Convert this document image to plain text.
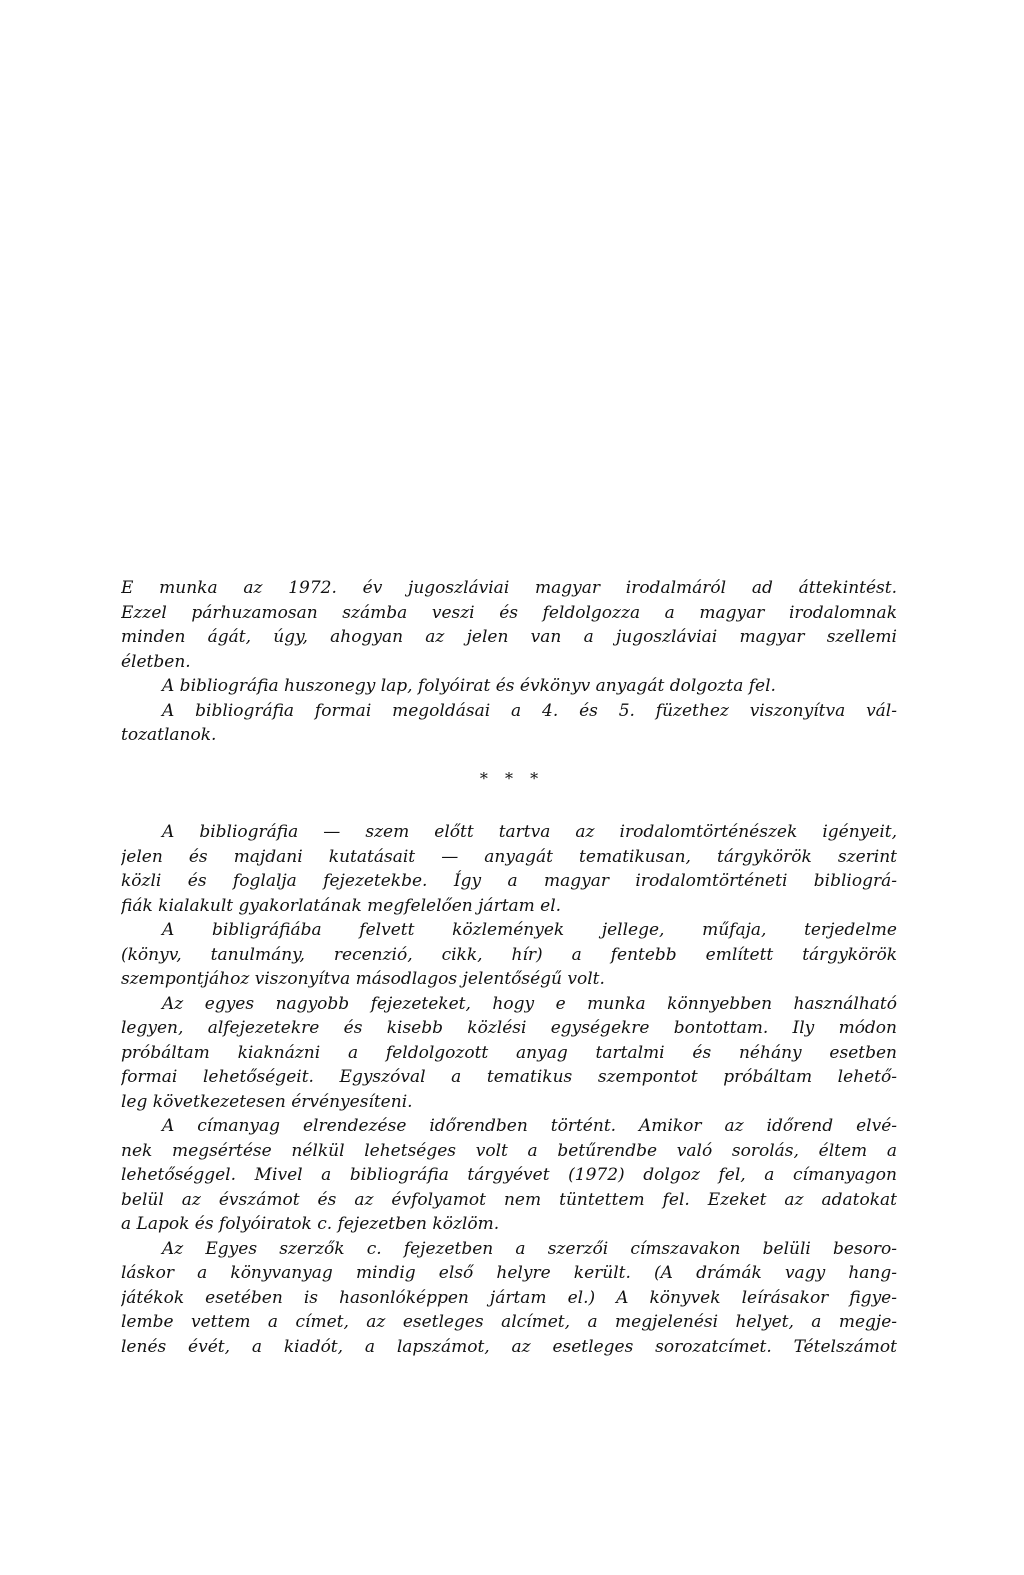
E munka az 1972. év jugoszláviai magyar irodalmáról ad áttekintést.
Ezzel párhuzamosan számba veszi és feldolgozza a magyar irodalomnak
minden ágát, úgy, ahogyan az jelen van a jugoszláviai magyar szellemi
életben.
A bibliográfia huszonegy lap, folyóirat és évkönyv anyagát dolgozta fel.
A bibliográfia formai megoldásai a 4. és 5. füzethez viszonyítva vál-
tozatlanok.
* * *
A bibliográfia — szem előtt tartva az irodalomtörténészek igényeit,
jelen és majdani kutatásait — anyagát tematikusan, tárgykörök szerint
közli és foglalja fejezetekbe. Így a magyar irodalomtörténeti bibliográ-
fiák kialakult gyakorlatának megfelelően jártam el.
A bibligráfiába felvett közlemények jellege, műfaja, terjedelme
(könyv, tanulmány, recenzió, cikk, hír) a fentebb említett tárgykörök
szempontjához viszonyítva másodlagos jelentőségű volt.
Az egyes nagyobb fejezeteket, hogy e munka könnyebben használható
legyen, alfejezetekre és kisebb közlési egységekre bontottam. Ily módon
próbáltam kiaknázni a feldolgozott anyag tartalmi és néhány esetben
formai lehetőségeit. Egyszóval a tematikus szempontot próbáltam lehető-
leg következetesen érvényesíteni.
A címanyag elrendezése időrendben történt. Amikor az időrend elvé-
nek megsértése nélkül lehetséges volt a betűrendbe való sorolás, éltem a
lehetőséggel. Mivel a bibliográfia tárgyévet (1972) dolgoz fel, a címanyagon
belül az évszámot és az évfolyamot nem tüntettem fel. Ezeket az adatokat
a Lapok és folyóiratok c. fejezetben közlöm.
Az Egyes szerzők c. fejezetben a szerzői címszavakon belüli besoro-
láskor a könyvanyag mindig első helyre került. (A drámák vagy hang-
játékok esetében is hasonlóképpen jártam el.) A könyvek leírásakor figye-
lembe vettem a címet, az esetleges alcímet, a megjelenési helyet, a megje-
lenés évét, a kiadót, a lapszámot, az esetleges sorozatcímet. Tételszámot
